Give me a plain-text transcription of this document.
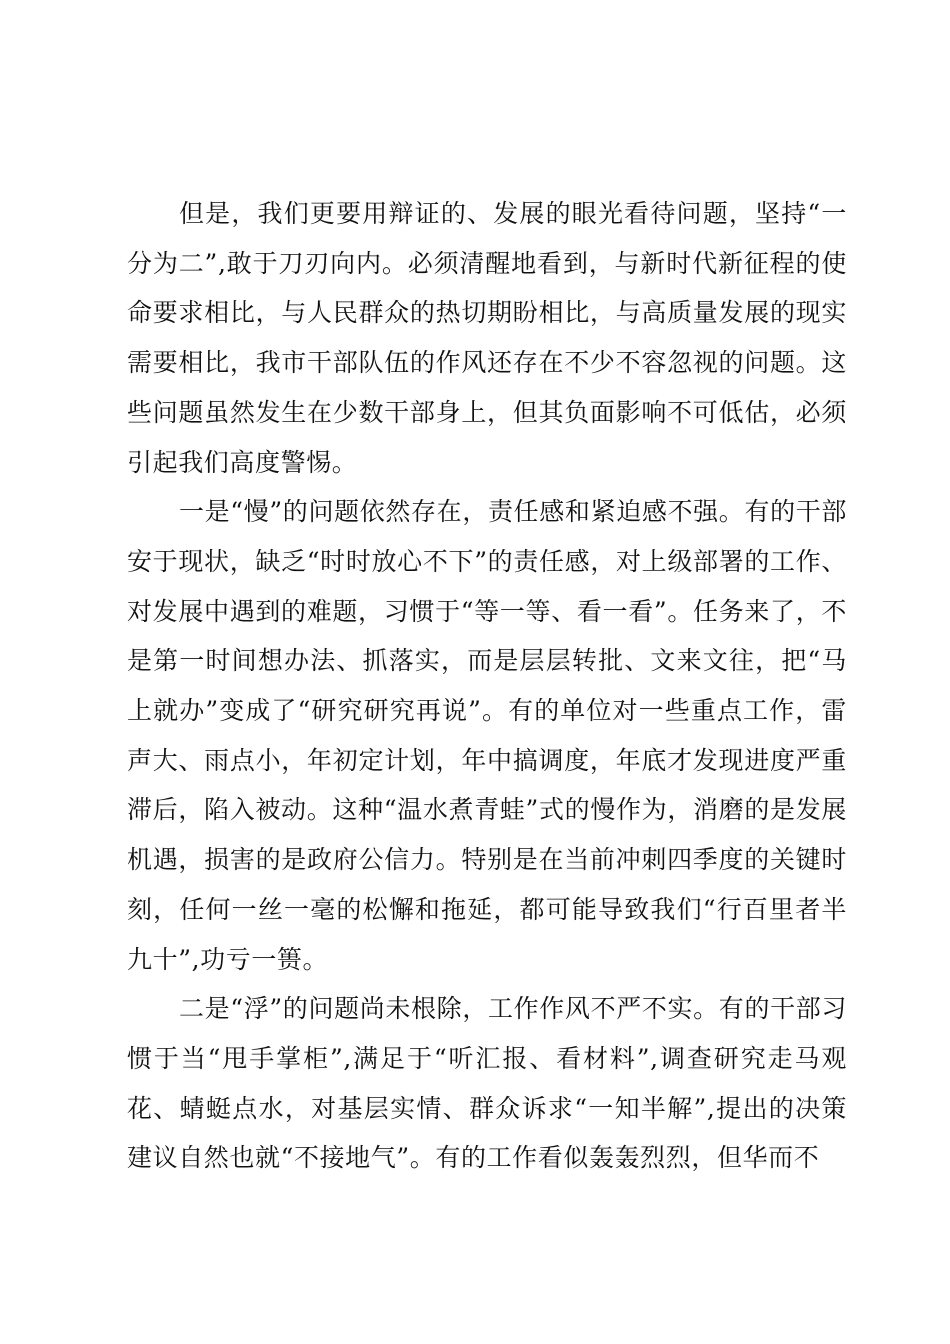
但是，我们更要用辩证的、发展的眼光看待问题，坚持“一分为二”,敢于刀刃向内。必须清醒地看到，与新时代新征程的使命要求相比，与人民群众的热切期盼相比，与高质量发展的现实需要相比，我市干部队伍的作风还存在不少不容忽视的问题。这些问题虽然发生在少数干部身上，但其负面影响不可低估，必须引起我们高度警惕。

一是“慢”的问题依然存在，责任感和紧迫感不强。有的干部安于现状，缺乏“时时放心不下”的责任感，对上级部署的工作、对发展中遇到的难题，习惯于“等一等、看一看”。任务来了，不是第一时间想办法、抓落实，而是层层转批、文来文往，把“马上就办”变成了“研究研究再说”。有的单位对一些重点工作，雷声大、雨点小，年初定计划，年中搞调度，年底才发现进度严重滞后，陷入被动。这种“温水煮青蛙”式的慢作为，消磨的是发展机遇，损害的是政府公信力。特别是在当前冲刺四季度的关键时刻，任何一丝一毫的松懈和拖延，都可能导致我们“行百里者半九十”,功亏一篑。

二是“浮”的问题尚未根除，工作作风不严不实。有的干部习惯于当“甩手掌柜”,满足于“听汇报、看材料”,调查研究走马观花、蜻蜓点水，对基层实情、群众诉求“一知半解”,提出的决策建议自然也就“不接地气”。有的工作看似轰轰烈烈，但华而不
